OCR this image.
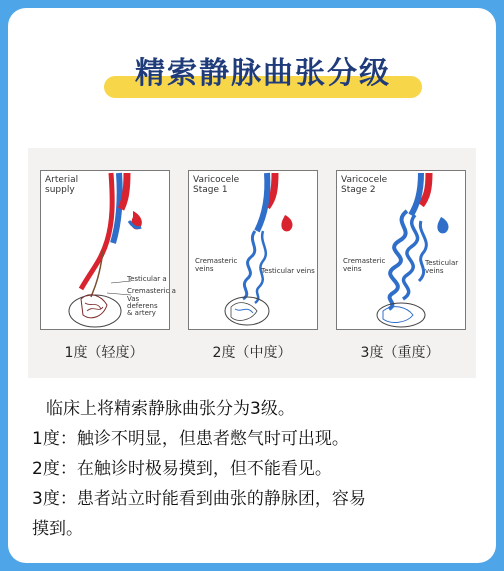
精索静脉曲张分级
Testicular a
Cremasteric a
Vas
deferens
& artery
Arterial
supply
Cremasteric
veins	Testicular veins
Varicocele
Stage 1
Cremasteric
veins
Testicular
veins
Varicocele
Stage 2
1度（轻度）	2度（中度）	3度（重度）
临床上将精索静脉曲张分为3级。
1度：触诊不明显，但患者憋气时可出现。
2度：在触诊时极易摸到，但不能看见。
3度：患者站立时能看到曲张的静脉团，容易
摸到。
